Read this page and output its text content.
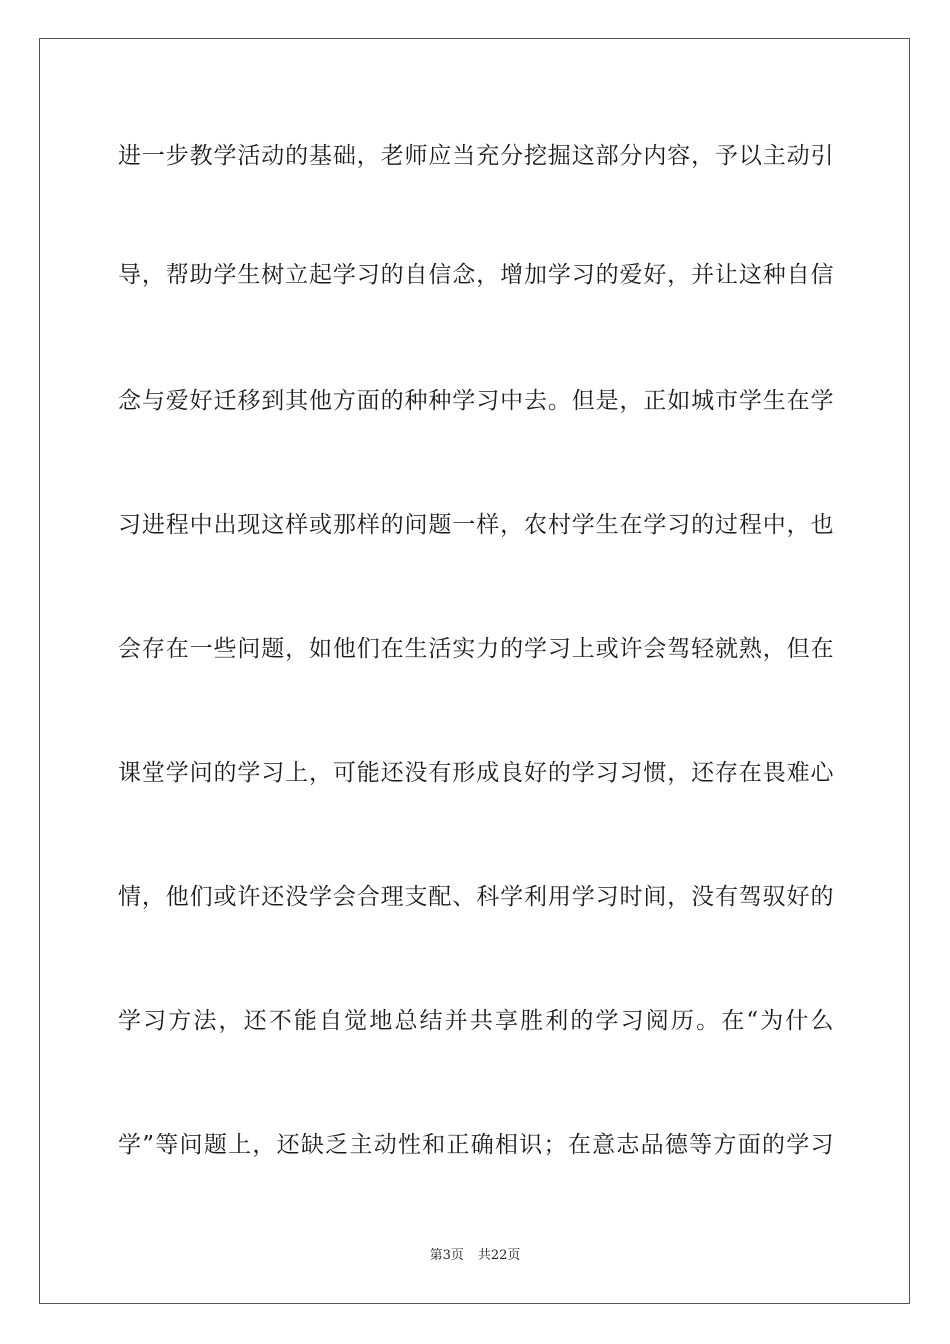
进一步教学活动的基础，老师应当充分挖掘这部分内容，予以主动引
导，帮助学生树立起学习的自信念，增加学习的爱好，并让这种自信
念与爱好迁移到其他方面的种种学习中去。但是，正如城市学生在学
习进程中出现这样或那样的问题一样，农村学生在学习的过程中，也
会存在一些问题，如他们在生活实力的学习上或许会驾轻就熟，但在
课堂学问的学习上，可能还没有形成良好的学习习惯，还存在畏难心
情，他们或许还没学会合理支配、科学利用学习时间，没有驾驭好的
学习方法，还不能自觉地总结并共享胜利的学习阅历。在“为什么
学”等问题上，还缺乏主动性和正确相识；在意志品德等方面的学习
第3页 共22页
